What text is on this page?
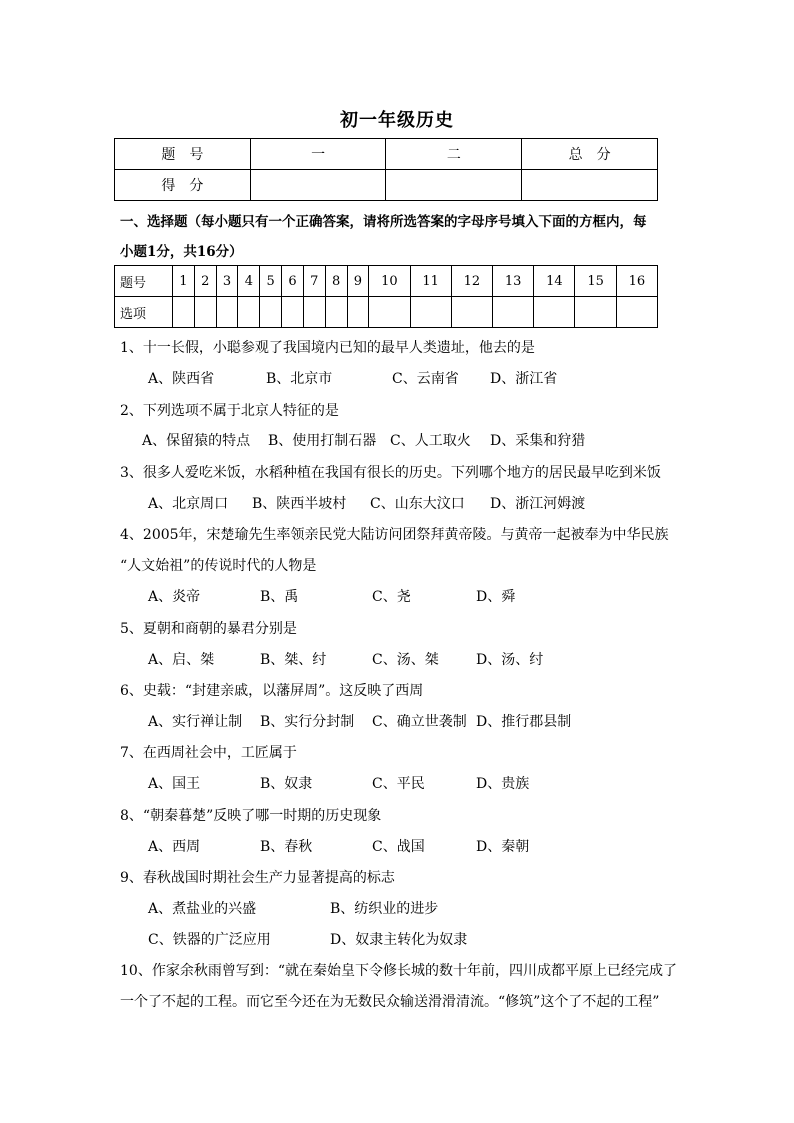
初一年级历史
题　号	一	二	总　分
得　分			
一、选择题（每小题只有一个正确答案，请将所选答案的字母序号填入下面的方框内，每
小题1分，共16分）
题号	1	2	3	4	5	6	7	8	9	10	11	12	13	14	15	16
选项																
1、十一长假，小聪参观了我国境内已知的最早人类遗址，他去的是
A、陕西省	B、北京市	C、云南省 D、浙江省
2、下列选项不属于北京人特征的是
A、保留猿的特点 B、使用打制石器 C、人工取火 D、采集和狩猎
3、很多人爱吃米饭，水稻种植在我国有很长的历史。下列哪个地方的居民最早吃到米饭
A、北京周口 B、陕西半坡村 C、山东大汶口 D、浙江河姆渡
4、2005年，宋楚瑜先生率领亲民党大陆访问团祭拜黄帝陵。与黄帝一起被奉为中华民族
“人文始祖”的传说时代的人物是
A、炎帝	B、禹	C、尧	D、舜
5、夏朝和商朝的暴君分别是
A、启、桀	B、桀、纣	C、汤、桀	D、汤、纣
6、史载：“封建亲戚，以藩屏周”。这反映了西周
A、实行禅让制 B、实行分封制 C、确立世袭制 D、推行郡县制
7、在西周社会中，工匠属于
A、国王	B、奴隶	C、平民	D、贵族
8、“朝秦暮楚”反映了哪一时期的历史现象
A、西周	B、春秋	C、战国	D、秦朝
9、春秋战国时期社会生产力显著提高的标志
A、煮盐业的兴盛	B、纺织业的进步
C、铁器的广泛应用	D、奴隶主转化为奴隶
10、作家余秋雨曾写到：“就在秦始皇下令修长城的数十年前，四川成都平原上已经完成了
一个了不起的工程。而它至今还在为无数民众输送滑滑清流。“修筑”这个了不起的工程”
